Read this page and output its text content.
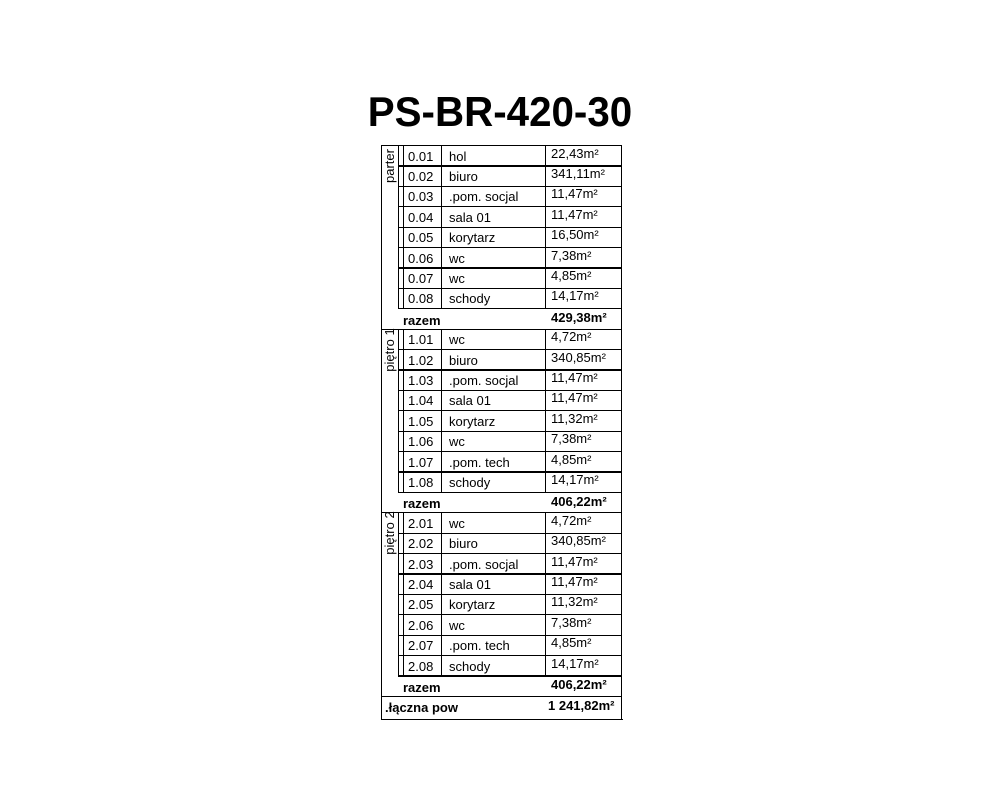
PS-BR-420-30
0.01 hol	22,43m²
0.02 biuro	341,11m²
0.03 .pom. socjal	11,47m²
0.04 sala 01	11,47m²
0.05 korytarz	16,50m²
0.06 wc	7,38m²
0.07 wc	4,85m²
0.08 schody	14,17m²
parter
razem	429,38m²
1.01 wc	4,72m²
1.02 biuro	340,85m²
1.03 .pom. socjal	11,47m²
1.04 sala 01	11,47m²
1.05 korytarz	11,32m²
1.06 wc	7,38m²
1.07 .pom. tech	4,85m²
1.08 schody	14,17m²
piętro 1
razem	406,22m²
2.01 wc	4,72m²
2.02 biuro	340,85m²
2.03 .pom. socjal	11,47m²
2.04 sala 01	11,47m²
2.05 korytarz	11,32m²
2.06 wc	7,38m²
2.07 .pom. tech	4,85m²
2.08 schody	14,17m²
piętro 2
razem	406,22m²
.łączna pow	1 241,82m²
